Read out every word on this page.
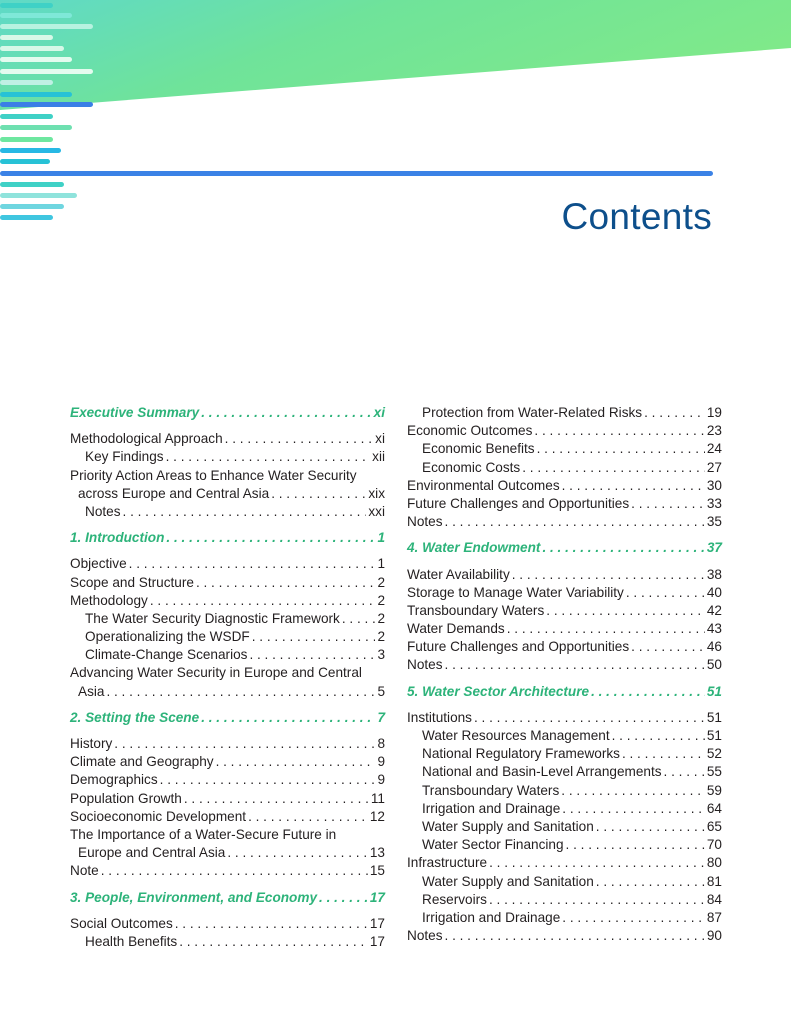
Contents
Executive Summary . . .	xi
Methodological Approach . . .	xi
Key Findings . . .	xii
Priority Action Areas to Enhance Water Security
across Europe and Central Asia . . .	xix
Notes . . .	xxi
1. Introduction . . .	1
Objective . . .	1
Scope and Structure . . .	2
Methodology . . .	2
The Water Security Diagnostic Framework . . .	2
Operationalizing the WSDF . . .	2
Climate-Change Scenarios . . .	3
Advancing Water Security in Europe and Central
Asia . . .	5
2. Setting the Scene . . .	7
History . . .	8
Climate and Geography . . .	9
Demographics . . .	9
Population Growth . . .	11
Socioeconomic Development . . .	12
The Importance of a Water-Secure Future in
Europe and Central Asia . . .	13
Note . . .	15
3. People, Environment, and Economy . . .	17
Social Outcomes . . .	17
Health Benefits . . .	17
Protection from Water-Related Risks . . .	19
Economic Outcomes . . .	23
Economic Benefits . . .	24
Economic Costs . . .	27
Environmental Outcomes . . .	30
Future Challenges and Opportunities . . .	33
Notes . . .	35
4. Water Endowment . . .	37
Water Availability . . .	38
Storage to Manage Water Variability . . .	40
Transboundary Waters . . .	42
Water Demands . . .	43
Future Challenges and Opportunities . . .	46
Notes . . .	50
5. Water Sector Architecture . . .	51
Institutions . . .	51
Water Resources Management . . .	51
National Regulatory Frameworks . . .	52
National and Basin-Level Arrangements . . .	55
Transboundary Waters . . .	59
Irrigation and Drainage . . .	64
Water Supply and Sanitation . . .	65
Water Sector Financing . . .	70
Infrastructure . . .	80
Water Supply and Sanitation . . .	81
Reservoirs . . .	84
Irrigation and Drainage . . .	87
Notes . . .	90
